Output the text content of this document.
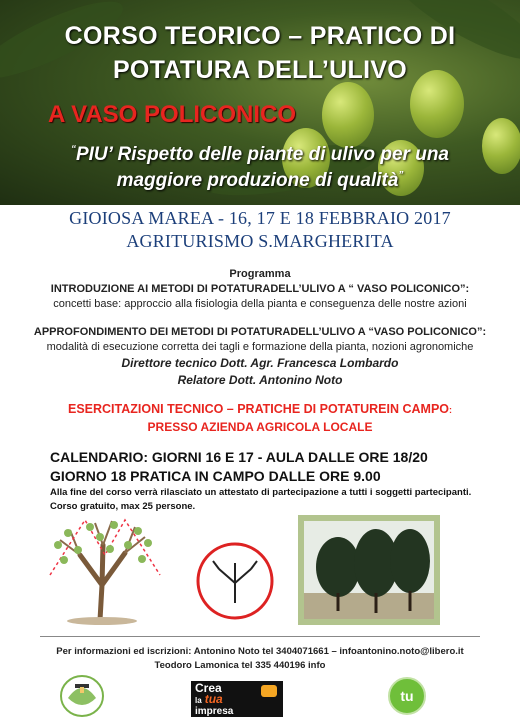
CORSO TEORICO – PRATICO DI
POTATURA DELL’ULIVO
A VASO POLICONICO
“PIU’ Rispetto delle piante di ulivo per una
maggiore produzione di qualità”
GIOIOSA MAREA - 16, 17 E 18 FEBBRAIO 2017
AGRITURISMO S.MARGHERITA
Programma
INTRODUZIONE AI METODI DI POTATURADELL’ULIVO A “ VASO POLICONICO”:
concetti base: approccio alla fisiologia della pianta e conseguenza delle nostre azioni
APPROFONDIMENTO DEI METODI DI POTATURADELL’ULIVO A “VASO POLICONICO”:
modalità di esecuzione corretta dei tagli e formazione della pianta, nozioni agronomiche
Direttore tecnico Dott. Agr. Francesca Lombardo
Relatore Dott. Antonino Noto
ESERCITAZIONI TECNICO – PRATICHE DI POTATUREIN CAMPO:
PRESSO AZIENDA AGRICOLA LOCALE
CALENDARIO: GIORNI 16 E 17 - AULA DALLE ORE 18/20
GIORNO 18 PRATICA IN CAMPO DALLE ORE 9.00
Alla fine del corso verrà rilasciato un attestato di partecipazione a tutti i soggetti partecipanti.
Corso gratuito, max 25 persone.
Per informazioni ed iscrizioni: Antonino Noto tel 3404071661 – infoantonino.noto@libero.it
Teodoro Lamonica tel 335 440196 info
Crea
la tua
impresa
tu
